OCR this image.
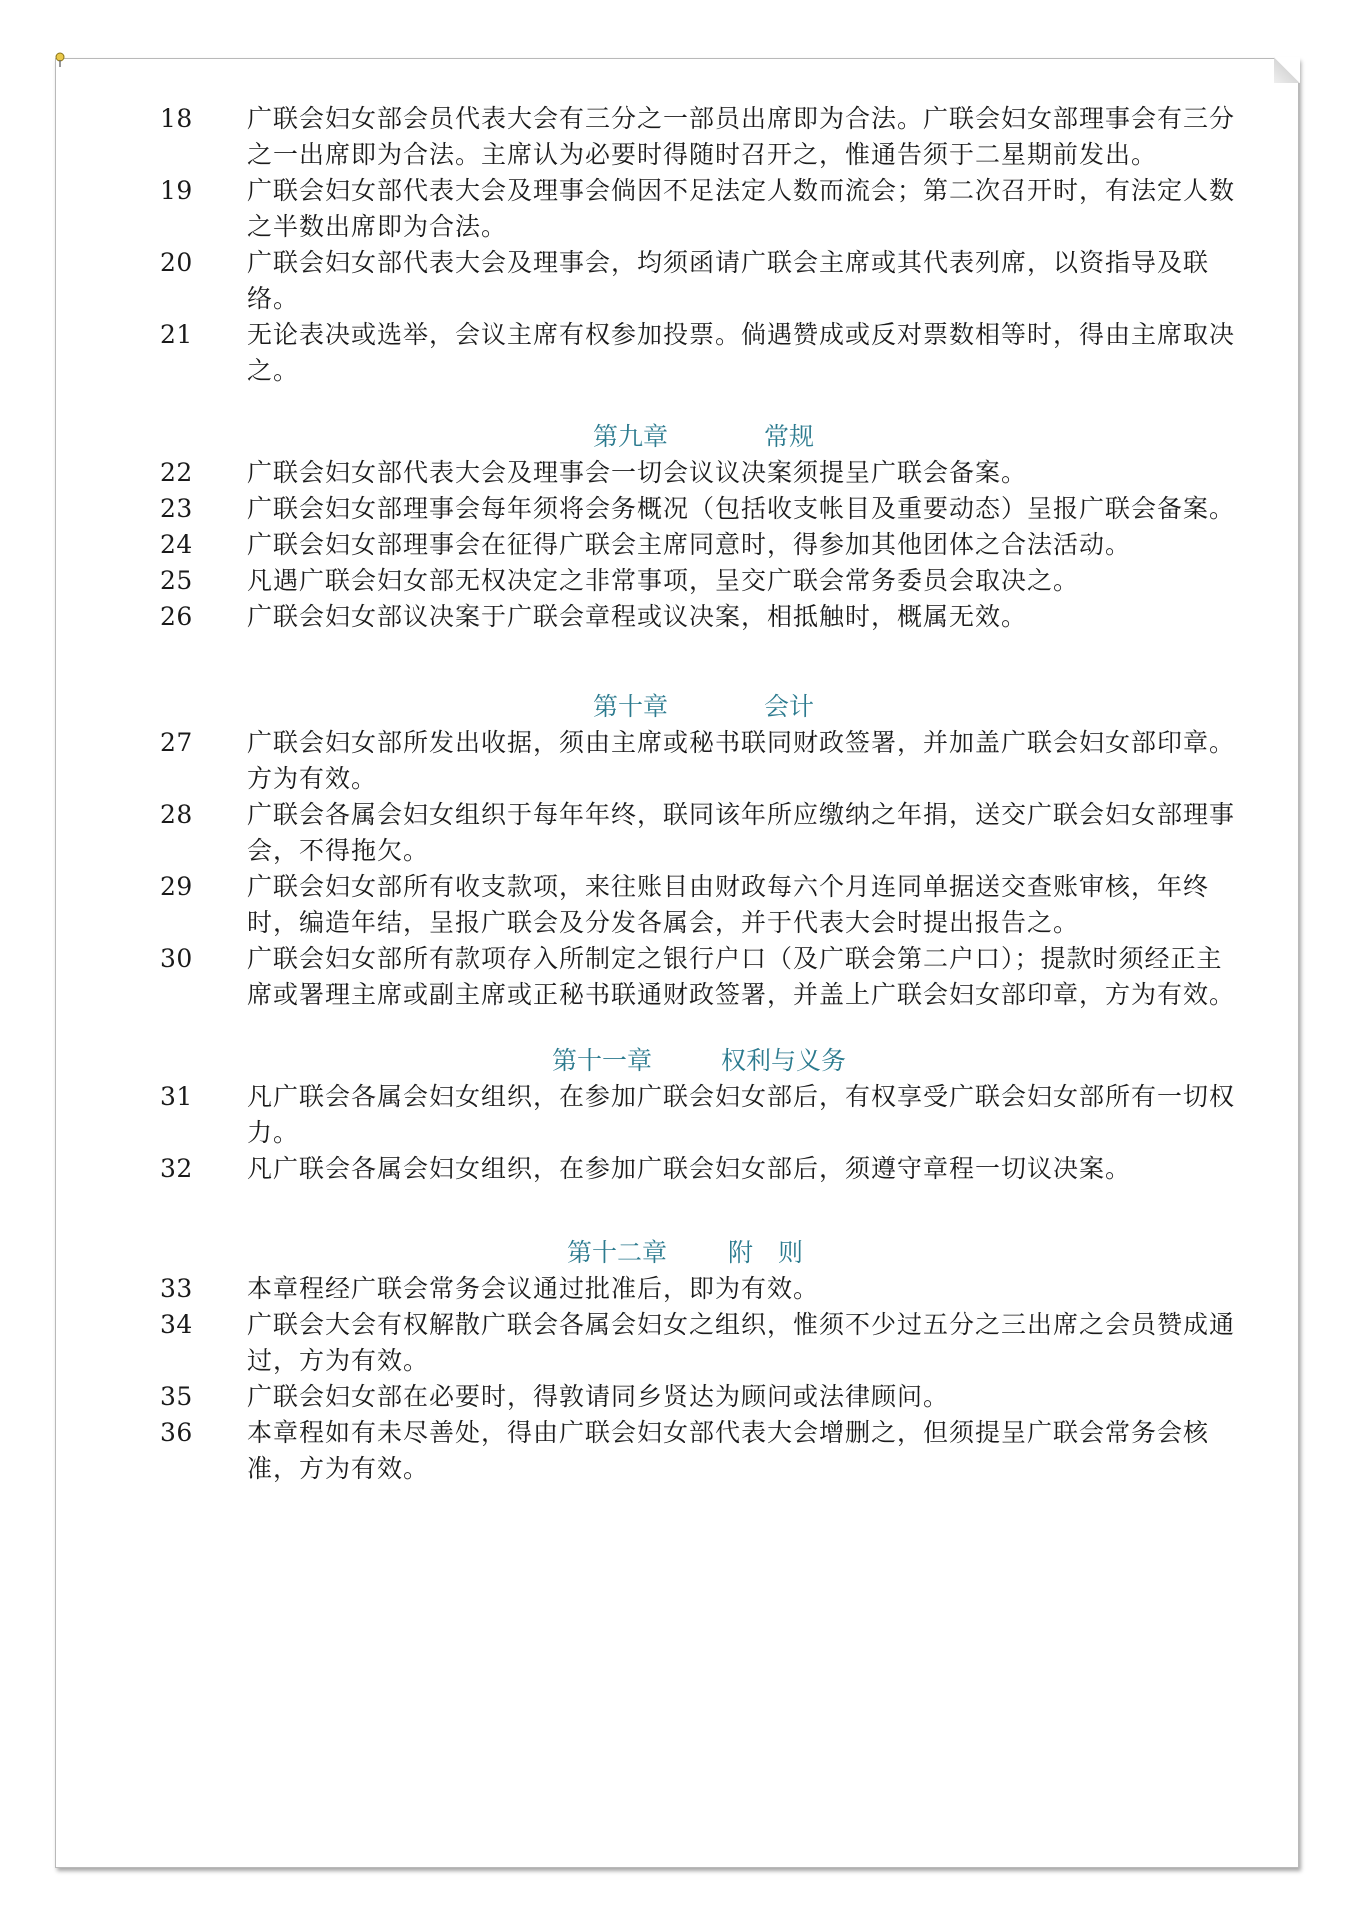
18	广联会妇女部会员代表大会有三分之一部员出席即为合法。广联会妇女部理事会有三分之一出席即为合法。主席认为必要时得随时召开之，惟通告须于二星期前发出。
19	广联会妇女部代表大会及理事会倘因不足法定人数而流会；第二次召开时，有法定人数之半数出席即为合法。
20	广联会妇女部代表大会及理事会，均须函请广联会主席或其代表列席，以资指导及联络。
21	无论表决或选举，会议主席有权参加投票。倘遇赞成或反对票数相等时，得由主席取决之。
第九章	常规
22	广联会妇女部代表大会及理事会一切会议议决案须提呈广联会备案。
23	广联会妇女部理事会每年须将会务概况（包括收支帐目及重要动态）呈报广联会备案。
24	广联会妇女部理事会在征得广联会主席同意时，得参加其他团体之合法活动。
25	凡遇广联会妇女部无权决定之非常事项，呈交广联会常务委员会取决之。
26	广联会妇女部议决案于广联会章程或议决案，相抵触时，概属无效。
第十章	会计
27	广联会妇女部所发出收据，须由主席或秘书联同财政签署，并加盖广联会妇女部印章。方为有效。
28	广联会各属会妇女组织于每年年终，联同该年所应缴纳之年捐，送交广联会妇女部理事会，不得拖欠。
29	广联会妇女部所有收支款项，来往账目由财政每六个月连同单据送交查账审核，年终时，编造年结，呈报广联会及分发各属会，并于代表大会时提出报告之。
30	广联会妇女部所有款项存入所制定之银行户口（及广联会第二户口）；提款时须经正主席或署理主席或副主席或正秘书联通财政签署，并盖上广联会妇女部印章，方为有效。
第十一章	权利与义务
31	凡广联会各属会妇女组织，在参加广联会妇女部后，有权享受广联会妇女部所有一切权力。
32	凡广联会各属会妇女组织，在参加广联会妇女部后，须遵守章程一切议决案。
第十二章 附　则
33	本章程经广联会常务会议通过批准后，即为有效。
34	广联会大会有权解散广联会各属会妇女之组织，惟须不少过五分之三出席之会员赞成通过，方为有效。
35	广联会妇女部在必要时，得敦请同乡贤达为顾问或法律顾问。
36	本章程如有未尽善处，得由广联会妇女部代表大会增删之，但须提呈广联会常务会核准，方为有效。
